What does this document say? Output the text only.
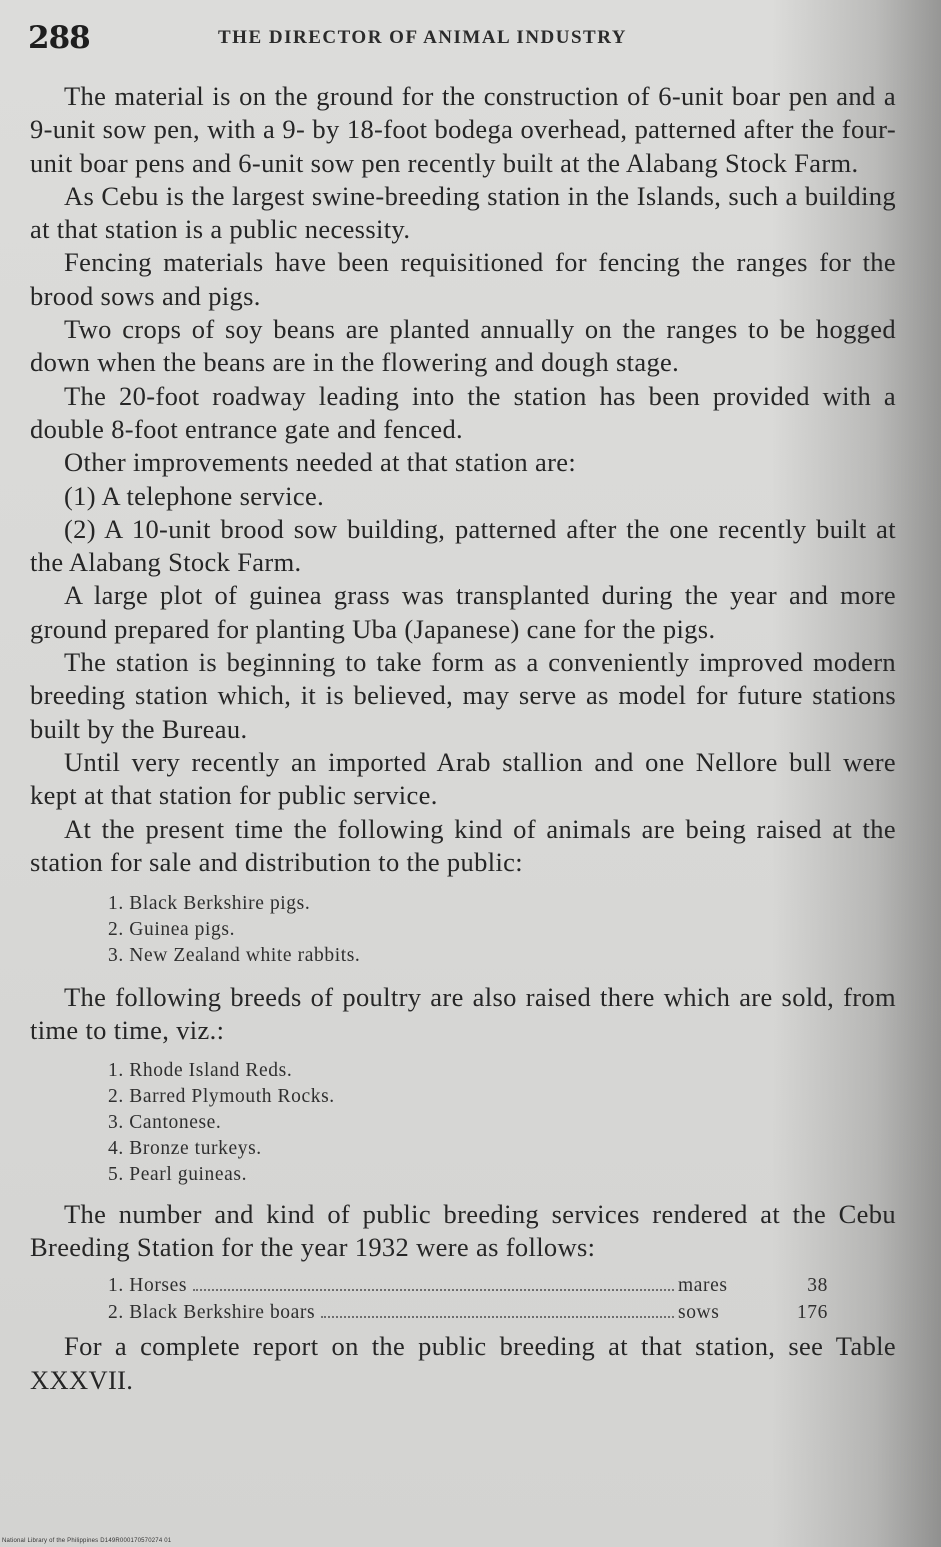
288	THE DIRECTOR OF ANIMAL INDUSTRY

The material is on the ground for the construction of 6-unit boar pen and a 9-unit sow pen, with a 9- by 18-foot bodega overhead, patterned after the four-unit boar pens and 6-unit sow pen recently built at the Alabang Stock Farm.

As Cebu is the largest swine-breeding station in the Islands, such a building at that station is a public necessity.

Fencing materials have been requisitioned for fencing the ranges for the brood sows and pigs.

Two crops of soy beans are planted annually on the ranges to be hogged down when the beans are in the flowering and dough stage.

The 20-foot roadway leading into the station has been provided with a double 8-foot entrance gate and fenced.

Other improvements needed at that station are:

(1) A telephone service.

(2) A 10-unit brood sow building, patterned after the one recently built at the Alabang Stock Farm.

A large plot of guinea grass was transplanted during the year and more ground prepared for planting Uba (Japanese) cane for the pigs.

The station is beginning to take form as a conveniently improved modern breeding station which, it is believed, may serve as model for future stations built by the Bureau.

Until very recently an imported Arab stallion and one Nellore bull were kept at that station for public service.

At the present time the following kind of animals are being raised at the station for sale and distribution to the public:

1. Black Berkshire pigs.
2. Guinea pigs.
3. New Zealand white rabbits.

The following breeds of poultry are also raised there which are sold, from time to time, viz.:

1. Rhode Island Reds.
2. Barred Plymouth Rocks.
3. Cantonese.
4. Bronze turkeys.
5. Pearl guineas.

The number and kind of public breeding services rendered at the Cebu Breeding Station for the year 1932 were as follows:

1. Horses	mares	38
2. Black Berkshire boars	sows	176

For a complete report on the public breeding at that station, see Table XXXVII.

National Library of the Philippines D149R000170570274 01
